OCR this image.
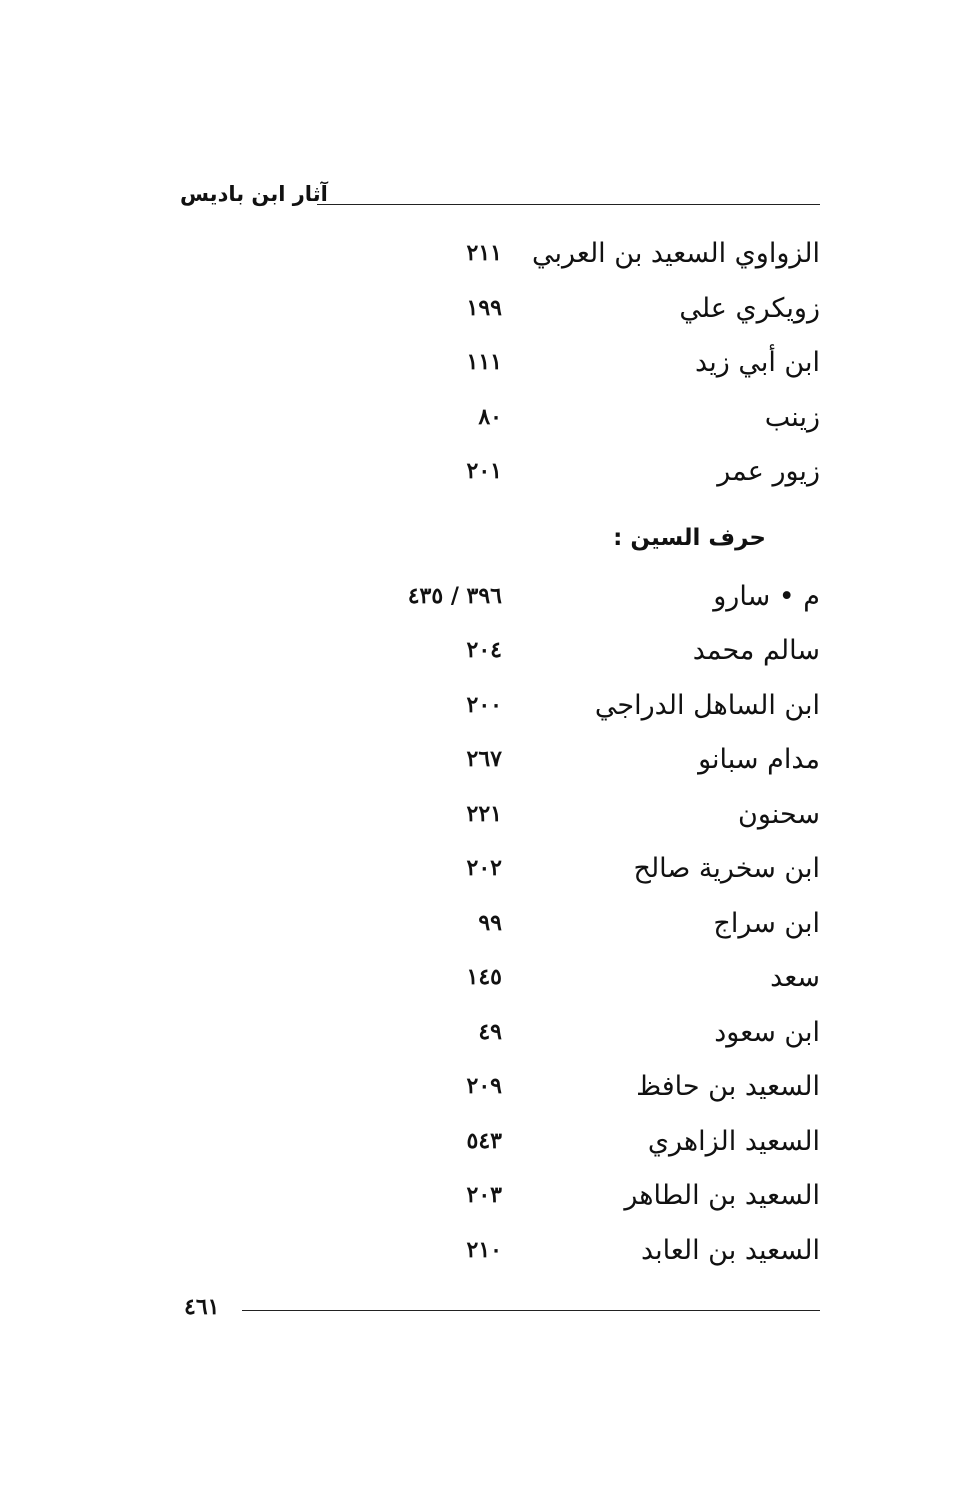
آثار ابن باديس
الزواوي السعيد بن العربي
٢١١
زويكري علي
١٩٩
ابن أبي زيد
١١١
زينب
٨٠
زيور عمر
٢٠١
حرف السين :
م • سارو
٣٩٦ / ٤٣٥
سالم محمد
٢٠٤
ابن الساهل الدراجي
٢٠٠
مدام سبانو
٢٦٧
سحنون
٢٢١
ابن سخرية صالح
٢٠٢
ابن سراج
٩٩
سعد
١٤٥
ابن سعود
٤٩
السعيد بن حافظ
٢٠٩
السعيد الزاهري
٥٤٣
السعيد بن الطاهر
٢٠٣
السعيد بن العابد
٢١٠
٤٦١
